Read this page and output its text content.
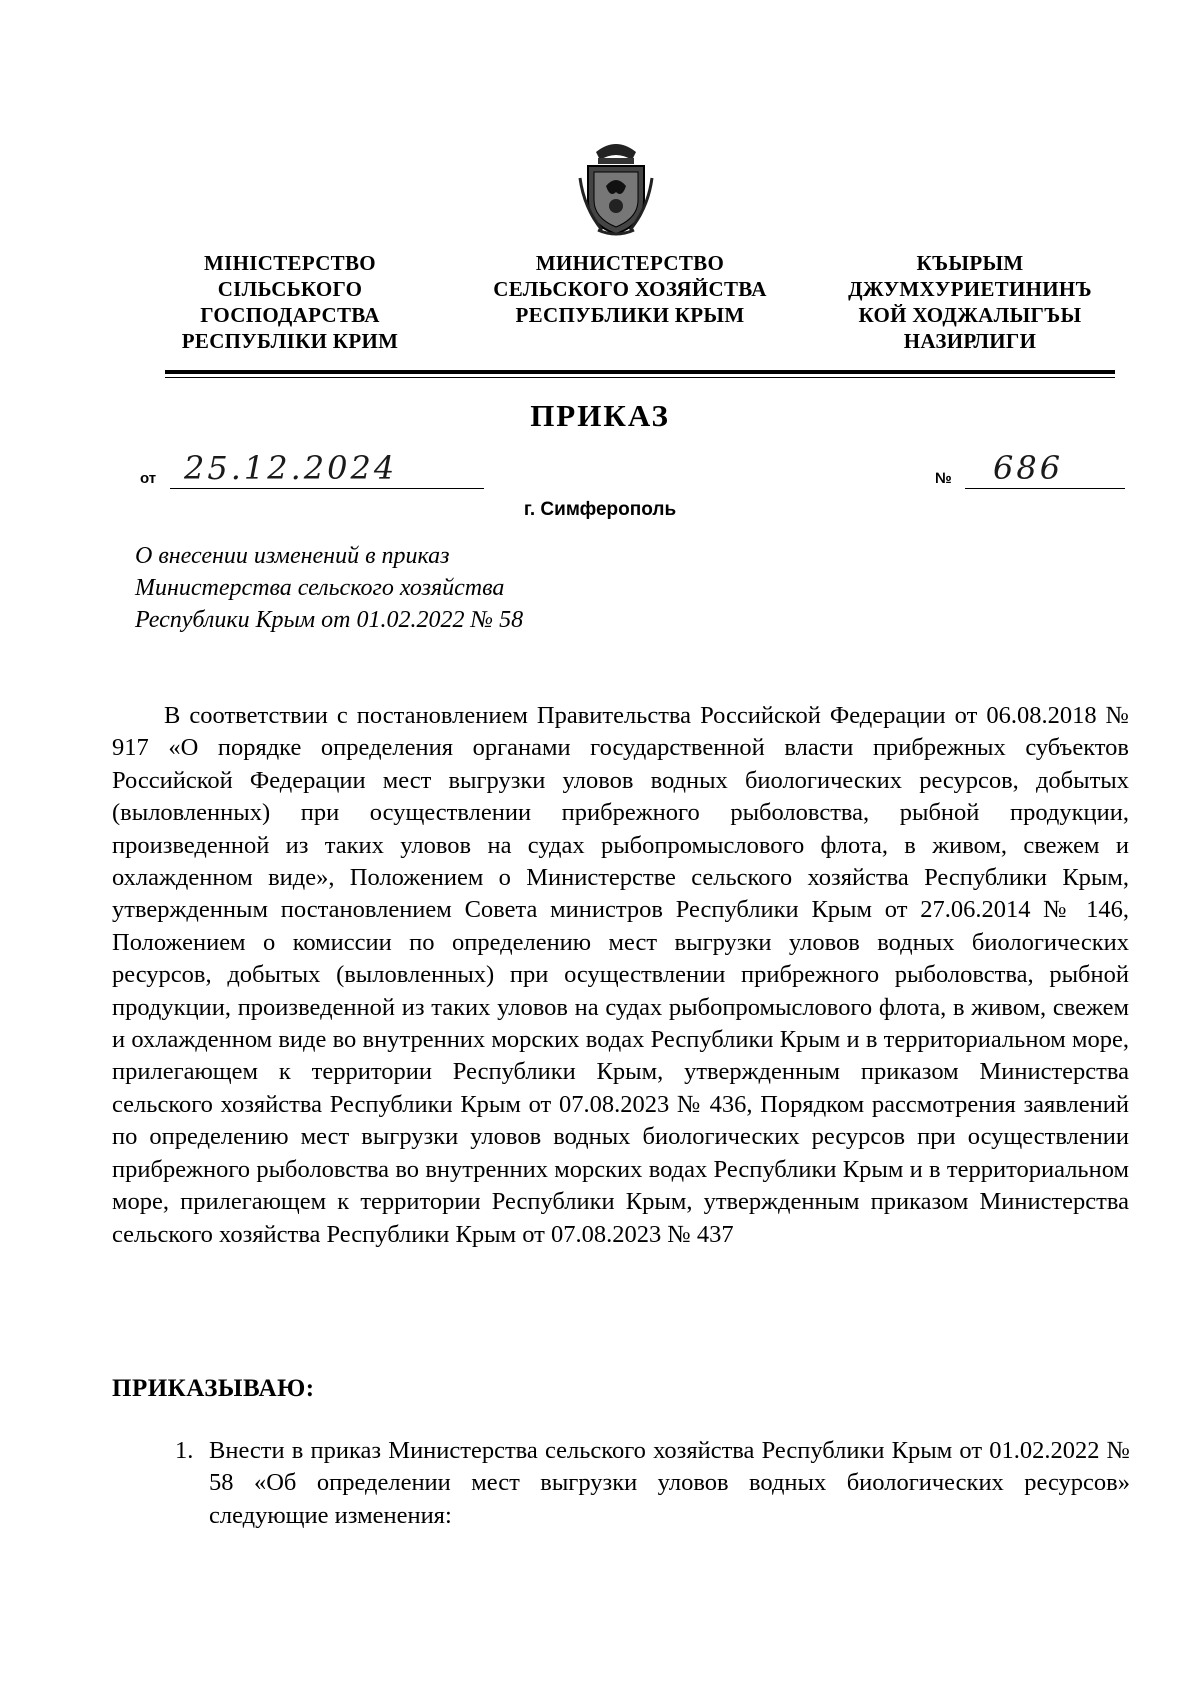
МІНІСТЕРСТВО
СІЛЬСЬКОГО
ГОСПОДАРСТВА
РЕСПУБЛІКИ КРИМ
МИНИСТЕРСТВО
СЕЛЬСКОГО ХОЗЯЙСТВА
РЕСПУБЛИКИ КРЫМ
КЪЫРЫМ
ДЖУМХУРИЕТИНИНЪ
КОЙ ХОДЖАЛЫГЪЫ
НАЗИРЛИГИ
ПРИКАЗ
от 25.12.2024	№	686
г. Симферополь
О внесении изменений в приказ
Министерства сельского хозяйства
Республики Крым от 01.02.2022 № 58
В соответствии с постановлением Правительства Российской Федерации от 06.08.2018 № 917 «О порядке определения органами государственной власти прибрежных субъектов Российской Федерации мест выгрузки уловов водных биологических ресурсов, добытых (выловленных) при осуществлении прибрежного рыболовства, рыбной продукции, произведенной из таких уловов на судах рыбопромыслового флота, в живом, свежем и охлажденном виде», Положением о Министерстве сельского хозяйства Республики Крым, утвержденным постановлением Совета министров Республики Крым от 27.06.2014 № 146, Положением о комиссии по определению мест выгрузки уловов водных биологических ресурсов, добытых (выловленных) при осуществлении прибрежного рыболовства, рыбной продукции, произведенной из таких уловов на судах рыбопромыслового флота, в живом, свежем и охлажденном виде во внутренних морских водах Республики Крым и в территориальном море, прилегающем к территории Республики Крым, утвержденным приказом Министерства сельского хозяйства Республики Крым от 07.08.2023 № 436, Порядком рассмотрения заявлений по определению мест выгрузки уловов водных биологических ресурсов при осуществлении прибрежного рыболовства во внутренних морских водах Республики Крым и в территориальном море, прилегающем к территории Республики Крым, утвержденным приказом Министерства сельского хозяйства Республики Крым от 07.08.2023 № 437
ПРИКАЗЫВАЮ:
1. Внести в приказ Министерства сельского хозяйства Республики Крым от 01.02.2022 № 58 «Об определении мест выгрузки уловов водных биологических ресурсов» следующие изменения:
